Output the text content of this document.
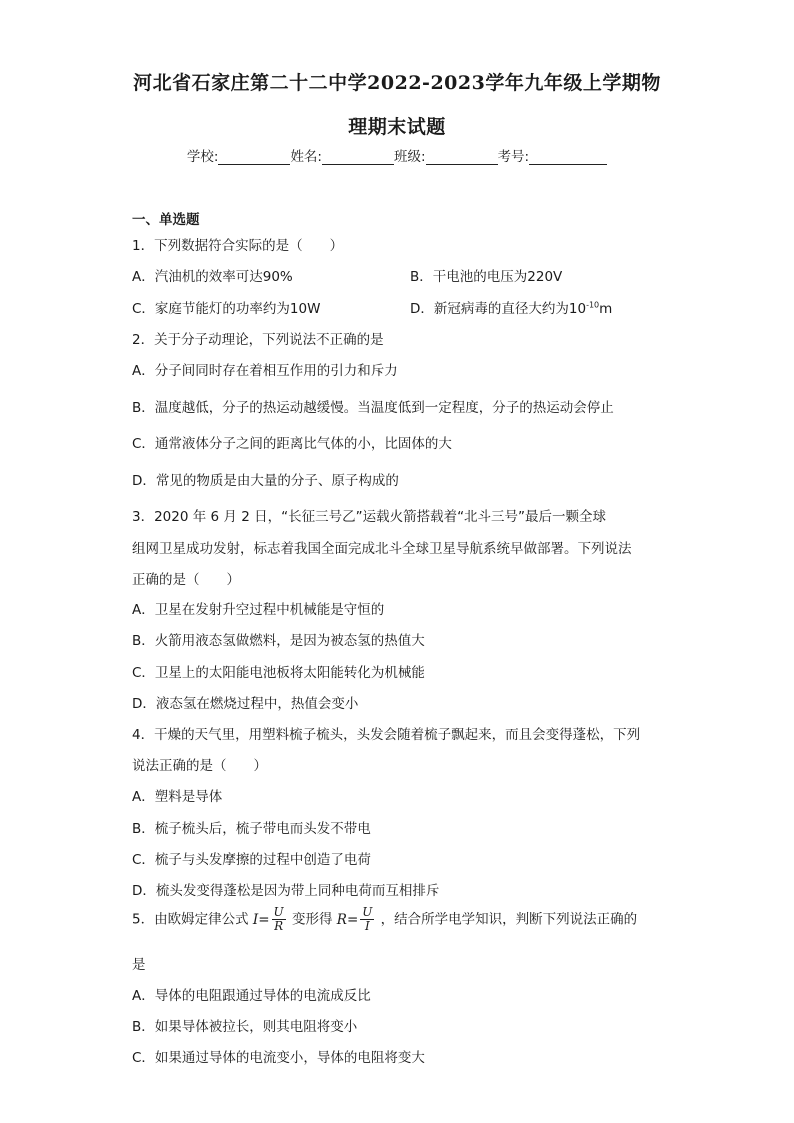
河北省石家庄第二十二中学2022-2023学年九年级上学期物
理期末试题
学校:	姓名:	班级:	考号:
一、单选题
1．下列数据符合实际的是（　　）
A．汽油机的效率可达90%	B．干电池的电压为220V
C．家庭节能灯的功率约为10W	D．新冠病毒的直径大约为$10^{-10}m$
2．关于分子动理论，下列说法不正确的是
A．分子间同时存在着相互作用的引力和斥力
B．温度越低，分子的热运动越缓慢。当温度低到一定程度，分子的热运动会停止
C．通常液体分子之间的距离比气体的小，比固体的大
D．常见的物质是由大量的分子、原子构成的
3．2020 年 6 月 2 日，“长征三号乙”运载火箭搭载着“北斗三号”最后一颗全球
组网卫星成功发射，标志着我国全面完成北斗全球卫星导航系统早做部署。下列说法
正确的是（　　）
A．卫星在发射升空过程中机械能是守恒的
B．火箭用液态氢做燃料，是因为被态氢的热值大
C．卫星上的太阳能电池板将太阳能转化为机械能
D．液态氢在燃烧过程中，热值会变小
4．干燥的天气里，用塑料梳子梳头，头发会随着梳子飘起来，而且会变得蓬松，下列
说法正确的是（　　）
A．塑料是导体
B．梳子梳头后，梳子带电而头发不带电
C．梳子与头发摩擦的过程中创造了电荷
D．梳头发变得蓬松是因为带上同种电荷而互相排斥
5．由欧姆定律公式 $I = \frac{U}{R}$ 变形得 $R = \frac{U}{I}$ ，结合所学电学知识，判断下列说法正确的
是
A．导体的电阻跟通过导体的电流成反比
B．如果导体被拉长，则其电阻将变小
C．如果通过导体的电流变小，导体的电阻将变大
